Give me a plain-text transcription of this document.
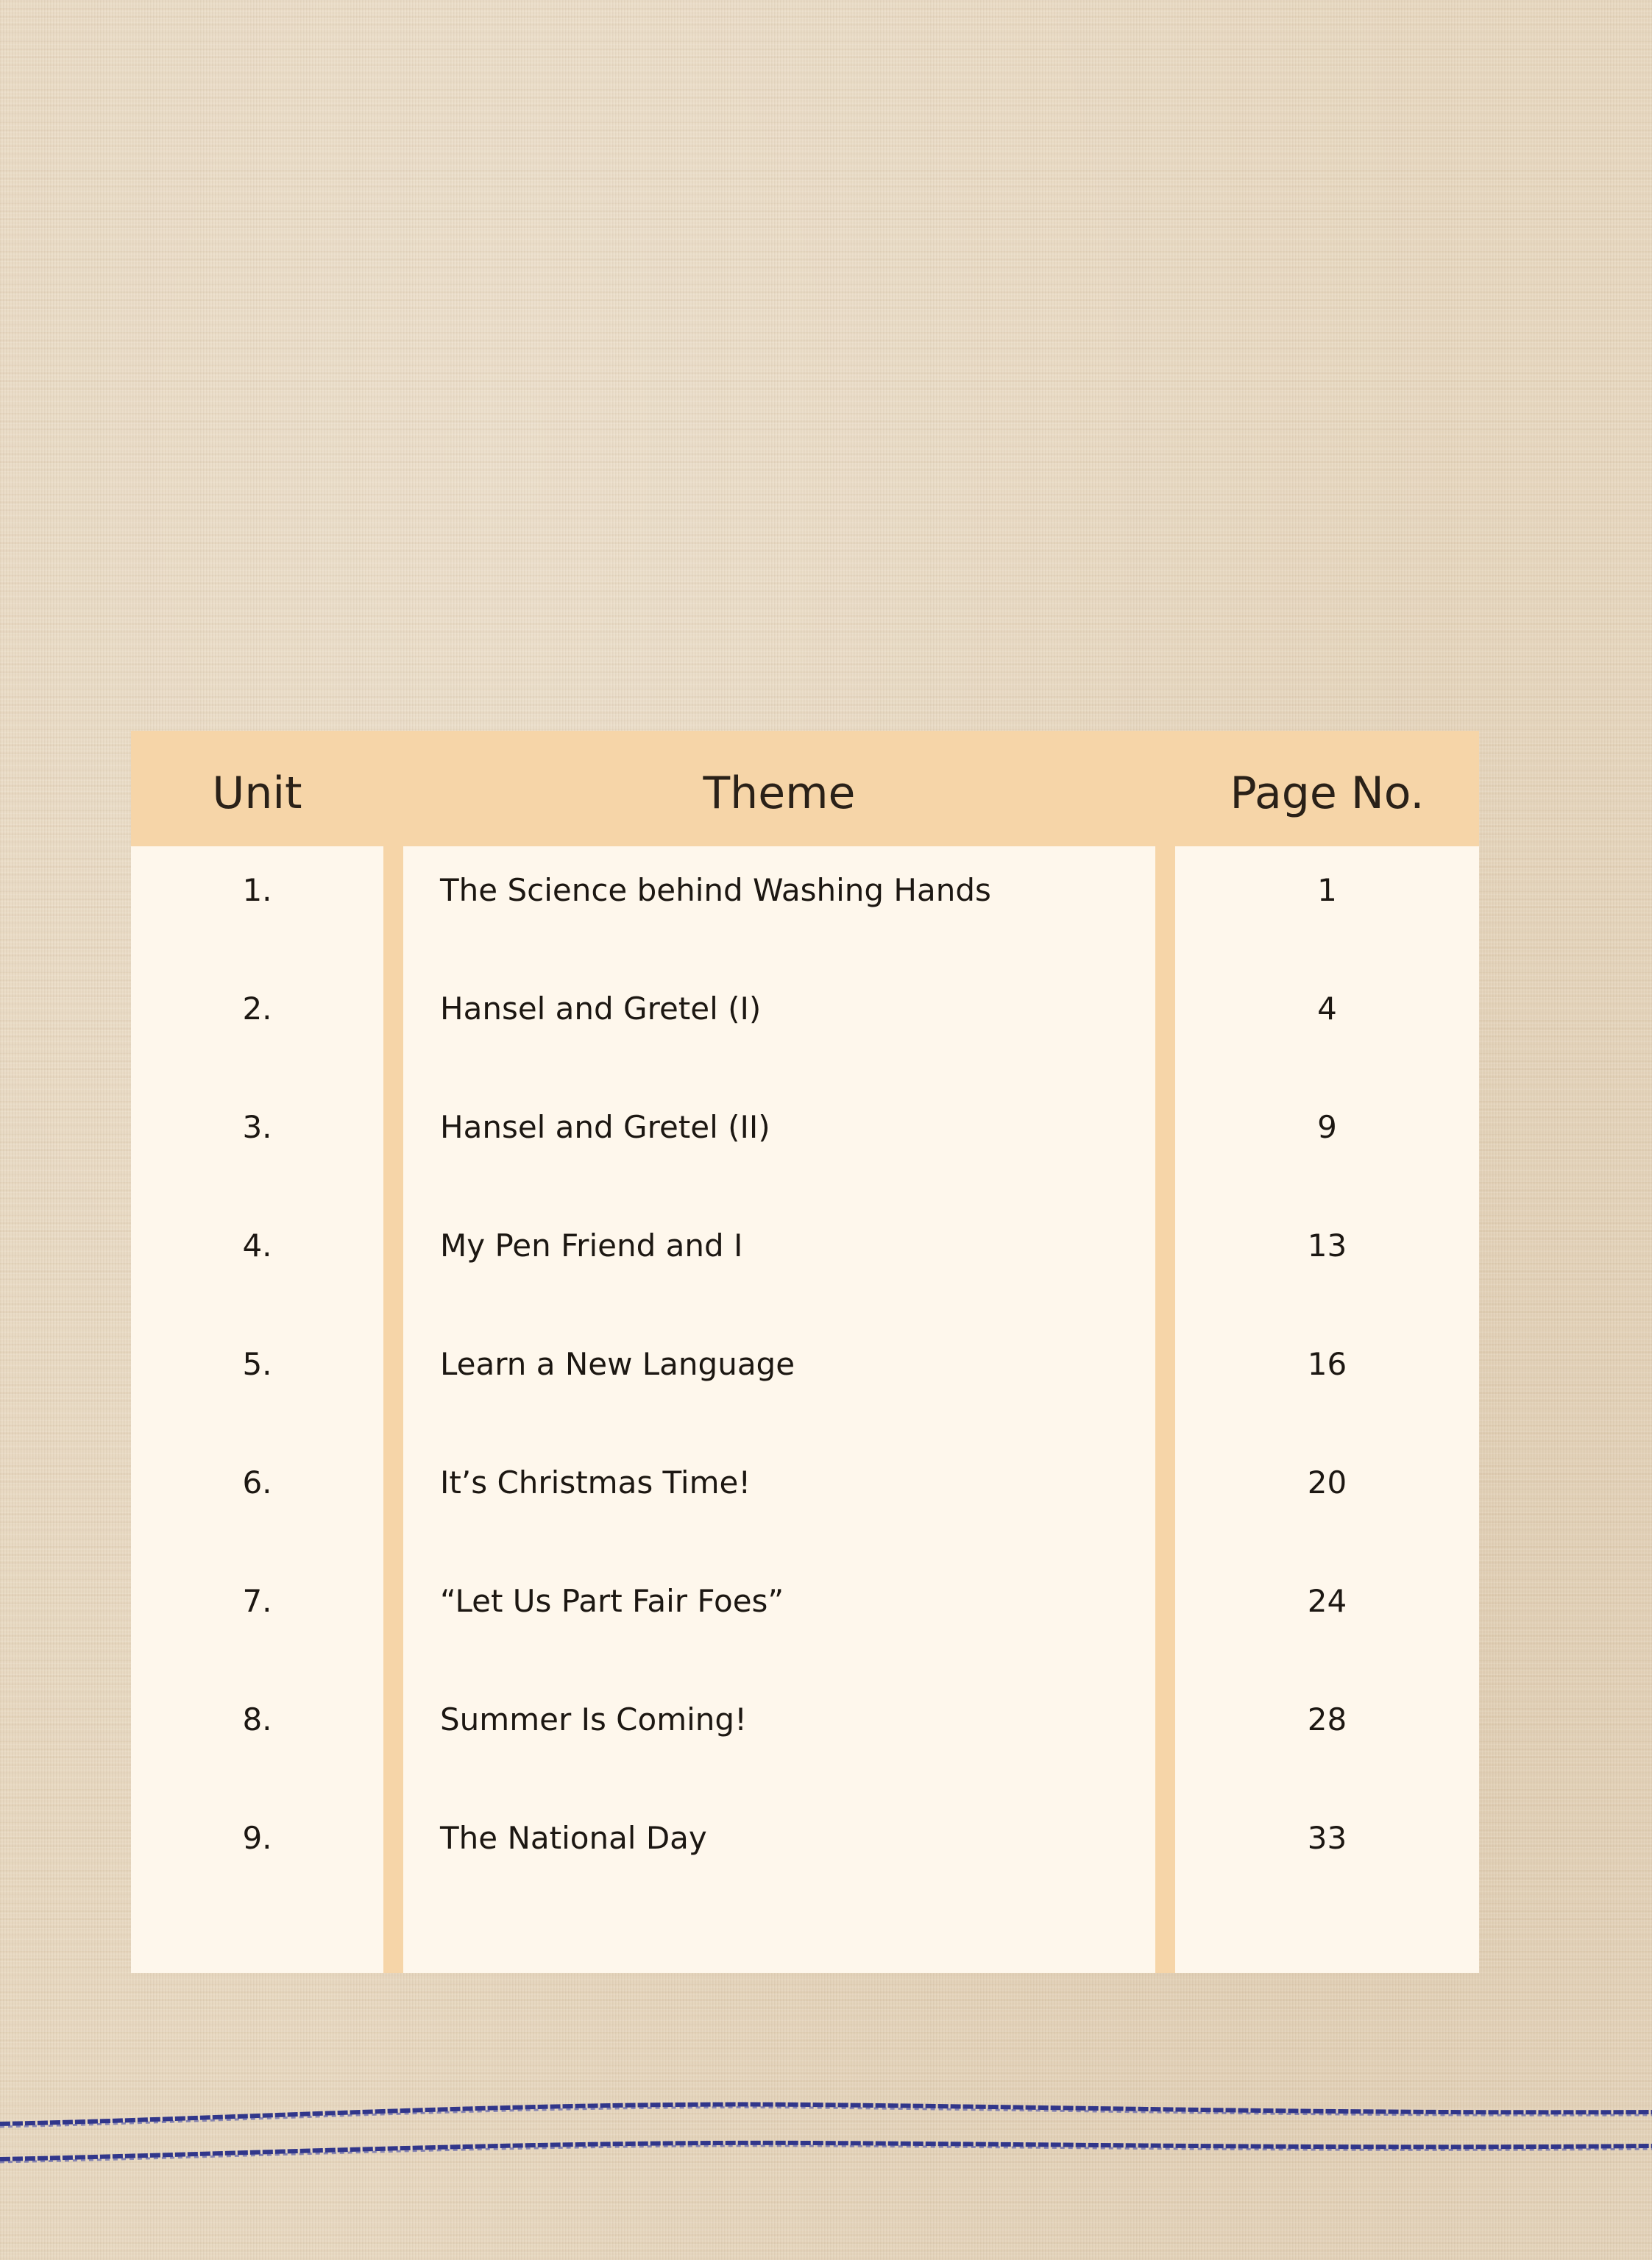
Unit	Theme	Page No.
1.	The Science behind Washing Hands	1
2.	Hansel and Gretel (I)	4
3.	Hansel and Gretel (II)	9
4.	My Pen Friend and I	13
5.	Learn a New Language	16
6.	It’s Christmas Time!	20
7.	“Let Us Part Fair Foes”	24
8.	Summer Is Coming!	28
9.	The National Day	33
